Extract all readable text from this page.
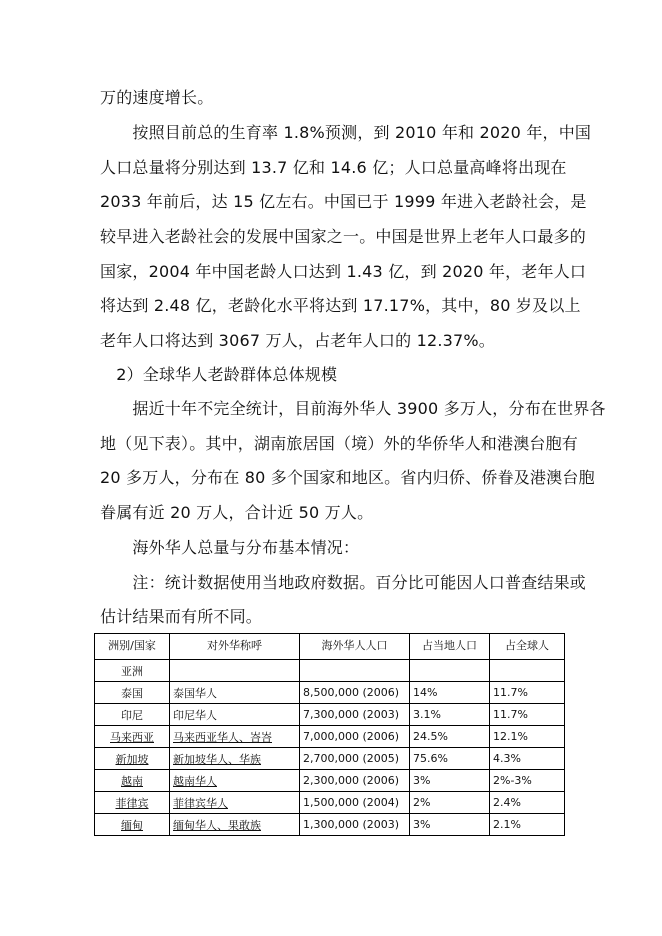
万的速度增长。
　　按照目前总的生育率 1.8%预测，到 2010 年和 2020 年，中国
人口总量将分别达到 13.7 亿和 14.6 亿；人口总量高峰将出现在
2033 年前后，达 15 亿左右。中国已于 1999 年进入老龄社会，是
较早进入老龄社会的发展中国家之一。中国是世界上老年人口最多的
国家，2004 年中国老龄人口达到 1.43 亿，到 2020 年，老年人口
将达到 2.48 亿，老龄化水平将达到 17.17%，其中，80 岁及以上
老年人口将达到 3067 万人，占老年人口的 12.37%。
　2）全球华人老龄群体总体规模
　　据近十年不完全统计，目前海外华人 3900 多万人，分布在世界各
地（见下表）。其中，湖南旅居国（境）外的华侨华人和港澳台胞有
20 多万人，分布在 80 多个国家和地区。省内归侨、侨眷及港澳台胞
眷属有近 20 万人，合计近 50 万人。
　　海外华人总量与分布基本情况：
　　注：统计数据使用当地政府数据。百分比可能因人口普查结果或
估计结果而有所不同。
洲别/国家	对外华称呼	海外华人人口	占当地人口	占全球人
亚洲				
泰国	泰国华人	8,500,000 (2006)	14%	11.7%
印尼	印尼华人	7,300,000 (2003)	3.1%	11.7%
马来西亚	马来西亚华人、峇峇	7,000,000 (2006)	24.5%	12.1%
新加坡	新加坡华人、华族	2,700,000 (2005)	75.6%	4.3%
越南	越南华人	2,300,000 (2006)	3%	2%-3%
菲律宾	菲律宾华人	1,500,000 (2004)	2%	2.4%
缅甸	缅甸华人、果敢族	1,300,000 (2003)	3%	2.1%
